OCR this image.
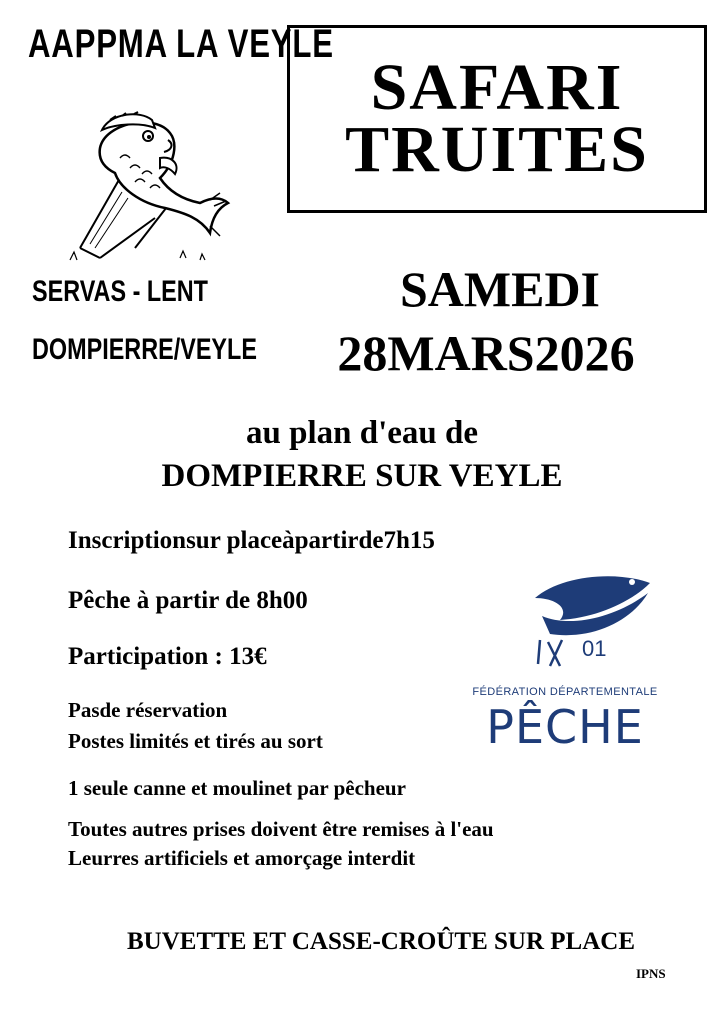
AAPPMA LA VEYLE
SERVAS - LENT
DOMPIERRE/VEYLE
SAFARI
TRUITES
SAMEDI
28MARS2026
au plan d'eau de
DOMPIERRE SUR VEYLE
Inscriptionsur placeàpartirde7h15
Pêche à partir de 8h00
Participation : 13€
Pasde réservation
Postes limités et tirés au sort
1 seule canne et moulinet par pêcheur
Toutes autres prises doivent être remises à l'eau
Leurres artificiels et amorçage interdit
01
FÉDÉRATION DÉPARTEMENTALE
PÊCHE
BUVETTE ET CASSE-CROÛTE SUR PLACE
IPNS
